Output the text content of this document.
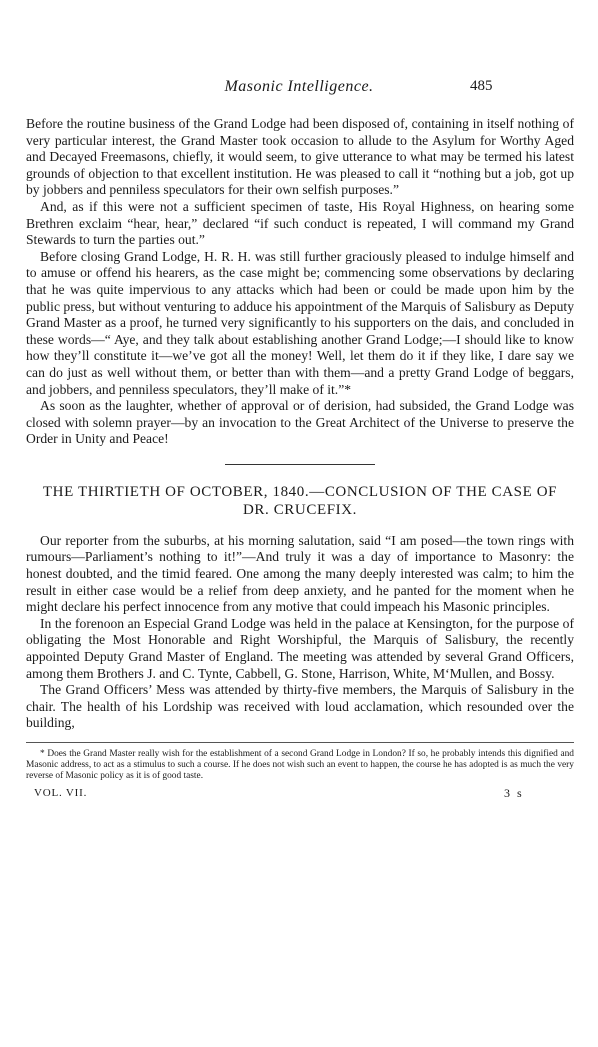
Masonic Intelligence.	485

Before the routine business of the Grand Lodge had been disposed of, containing in itself nothing of very particular interest, the Grand Master took occasion to allude to the Asylum for Worthy Aged and Decayed Freemasons, chiefly, it would seem, to give utterance to what may be termed his latest grounds of objection to that excellent institution. He was pleased to call it “nothing but a job, got up by jobbers and penniless speculators for their own selfish purposes.”

And, as if this were not a sufficient specimen of taste, His Royal Highness, on hearing some Brethren exclaim “hear, hear,” declared “if such conduct is repeated, I will command my Grand Stewards to turn the parties out.”

Before closing Grand Lodge, H. R. H. was still further graciously pleased to indulge himself and to amuse or offend his hearers, as the case might be; commencing some observations by declaring that he was quite impervious to any attacks which had been or could be made upon him by the public press, but without venturing to adduce his appointment of the Marquis of Salisbury as Deputy Grand Master as a proof, he turned very significantly to his supporters on the dais, and concluded in these words—“ Aye, and they talk about establishing another Grand Lodge;—I should like to know how they’ll constitute it—we’ve got all the money! Well, let them do it if they like, I dare say we can do just as well without them, or better than with them—and a pretty Grand Lodge of beggars, and jobbers, and penniless speculators, they’ll make of it.”*

As soon as the laughter, whether of approval or of derision, had subsided, the Grand Lodge was closed with solemn prayer—by an invocation to the Great Architect of the Universe to preserve the Order in Unity and Peace!

THE THIRTIETH OF OCTOBER, 1840.—CONCLUSION OF THE CASE OF DR. CRUCEFIX.

Our reporter from the suburbs, at his morning salutation, said “I am posed—the town rings with rumours—Parliament’s nothing to it!”—And truly it was a day of importance to Masonry: the honest doubted, and the timid feared. One among the many deeply interested was calm; to him the result in either case would be a relief from deep anxiety, and he panted for the moment when he might declare his perfect innocence from any motive that could impeach his Masonic principles.

In the forenoon an Especial Grand Lodge was held in the palace at Kensington, for the purpose of obligating the Most Honorable and Right Worshipful, the Marquis of Salisbury, the recently appointed Deputy Grand Master of England. The meeting was attended by several Grand Officers, among them Brothers J. and C. Tynte, Cabbell, G. Stone, Harrison, White, M‘Mullen, and Bossy.

The Grand Officers’ Mess was attended by thirty-five members, the Marquis of Salisbury in the chair. The health of his Lordship was received with loud acclamation, which resounded over the building,

* Does the Grand Master really wish for the establishment of a second Grand Lodge in London? If so, he probably intends this dignified and Masonic address, to act as a stimulus to such a course. If he does not wish such an event to happen, the course he has adopted is as much the very reverse of Masonic policy as it is of good taste.

VOL. VII.	3 s
